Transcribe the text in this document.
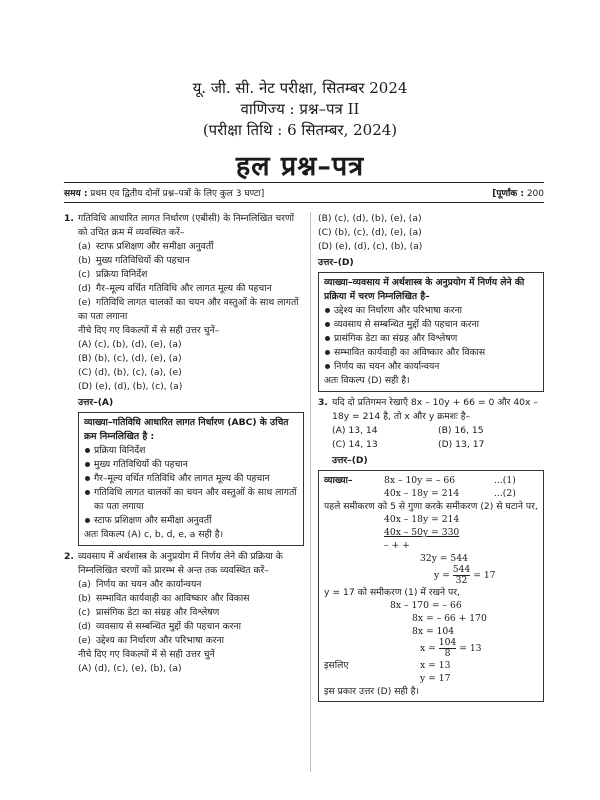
यू. जी. सी. नेट परीक्षा, सितम्बर 2024
वाणिज्य : प्रश्न–पत्र II
(परीक्षा तिथि : 6 सितम्बर, 2024)
हल प्रश्न–पत्र
समय : प्रथम एव द्वितीय दोनों प्रश्न–पत्रों के लिए कुल 3 घण्टा]	[पूर्णांक : 200
1. गतिविधि आधारित लागत निर्धारण (एबीसी) के निम्नलिखित चरणों को उचित क्रम में व्यवस्थित करें–
(a) स्टाफ प्रशिक्षण और समीक्षा अनुवर्ती
(b) मुख्य गतिविधियों की पहचान
(c) प्रक्रिया विनिर्देश
(d) गैर–मूल्य वर्धित गतिविधि और लागत मूल्य की पहचान
(e) गतिविधि लागत चालकों का चयन और वस्तुओं के साथ लागतों का पता लगाना
नीचे दिए गए विकल्पों में से सही उत्तर चुनें–
(A) (c), (b), (d), (e), (a)
(B) (b), (c), (d), (e), (a)
(C) (d), (b), (c), (a), (e)
(D) (e), (d), (b), (c), (a)
उत्तर–(A)
व्याख्या–गतिविधि आधारित लागत निर्धारण (ABC) के उचित क्रम निम्नलिखित है :
प्रक्रिया विनिर्देश
मुख्य गतिविधियों की पहचान
गैर–मूल्य वर्धित गतिविधि और लागत मूल्य की पहचान
गतिविधि लागत चालकों का चयन और वस्तुओं के साथ लागतों का पता लगाया
स्टाफ प्रशिक्षण और समीक्षा अनुवर्ती
अतः विकल्प (A) c, b, d, e, a सही है।
2. व्यवसाय में अर्थशास्त्र के अनुप्रयोग में निर्णय लेने की प्रक्रिया के निम्नलिखित चरणों को प्रारम्भ से अन्त तक व्यवस्थित करें–
(a) निर्णय का चयन और कार्यान्वयन
(b) सम्भावित कार्यवाही का आविष्कार और विकास
(c) प्रासंगिक डेटा का संग्रह और विश्लेषण
(d) व्यवसाय से सम्बन्धित मुद्दों की पहचान करना
(e) उद्देश्य का निर्धारण और परिभाषा करना
नीचे दिए गए विकल्पों में से सही उत्तर चुनें
(A) (d), (c), (e), (b), (a)
(B) (c), (d), (b), (e), (a)
(C) (b), (c), (d), (e), (a)
(D) (e), (d), (c), (b), (a)
उत्तर–(D)
व्याख्या–व्यवसाय में अर्थशास्त्र के अनुप्रयोग में निर्णय लेने की प्रक्रिया में चरण निम्नलिखित है–
उद्देश्य का निर्धारण और परिभाषा करना
व्यवसाय से सम्बन्धित मुद्दों की पहचान करना
प्रासंगिक डेटा का संग्रह और विश्लेषण
सम्भावित कार्यवाही का अविष्कार और विकास
निर्णय का चयन और कार्यान्वयन
अतः विकल्प (D) सही है।
3. यदि दो प्रतिगमन रेखाएँ 8x – 10y + 66 = 0 और 40x – 18y = 214 है, तो x और y क्रमशः है–
(A) 13, 14	(B) 16, 15
(C) 14, 13	(D) 13, 17
उत्तर–(D)
व्याख्या–	8x – 10y = – 66	...(1)
40x – 18y = 214	...(2)
पहले समीकरण को 5 से गुणा करके समीकरण (2) से घटाने पर,
40x – 18y = 214
40x – 50y = 330
– + +
32y = 544
$y = \frac{544}{32} = 17$
y = 17 को समीकरण (1) में रखने पर,
8x – 170 = – 66
8x = – 66 + 170
8x = 104
$x = \frac{104}{8} = 13$
इसलिए	x = 13
y = 17
इस प्रकार उत्तर (D) सही है।
